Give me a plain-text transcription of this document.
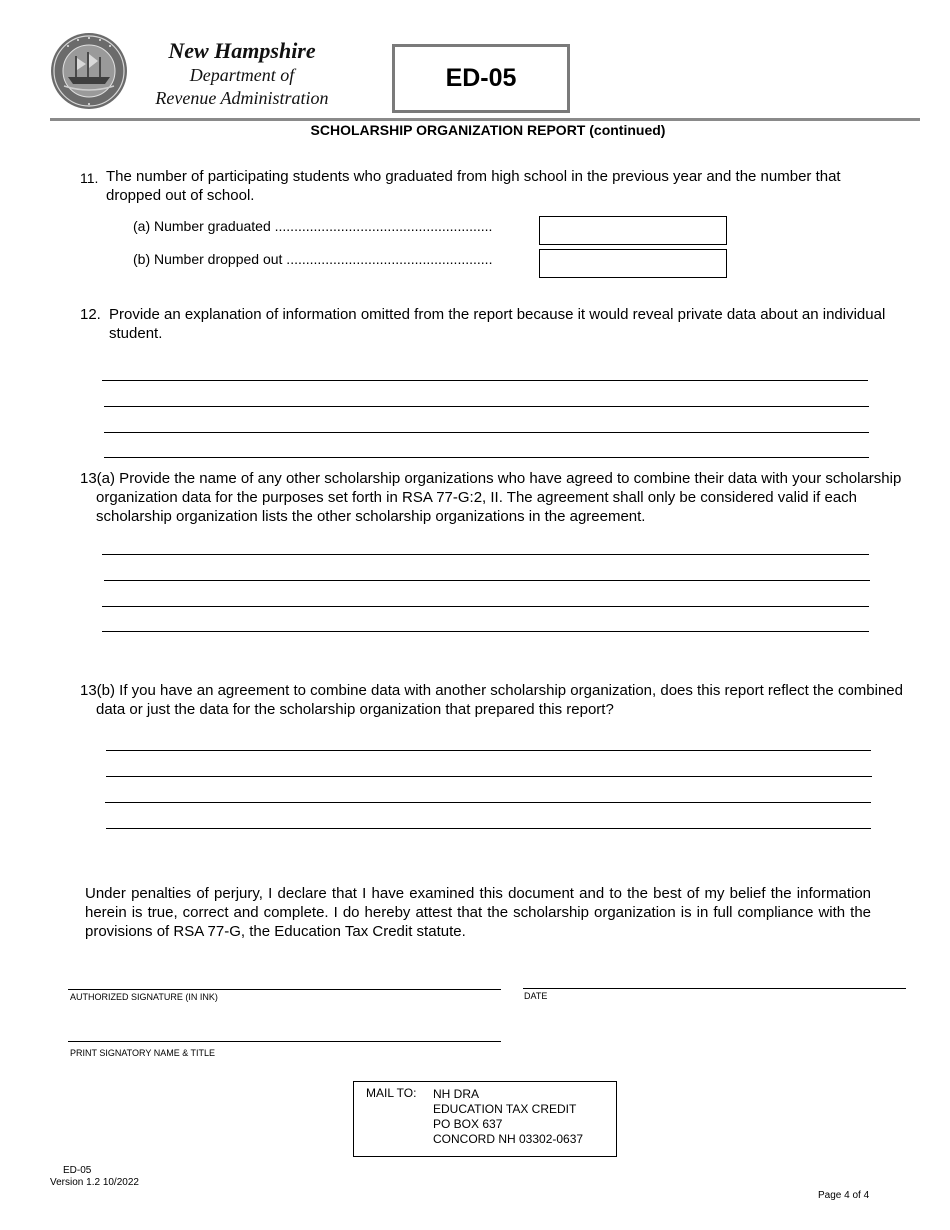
New Hampshire
Department of
Revenue Administration
ED-05
SCHOLARSHIP ORGANIZATION REPORT (continued)
11. The number of participating students who graduated from high school in the previous year and the number that dropped out of school.
(a) Number graduated ........................................................
(b) Number dropped out .....................................................
12. Provide an explanation of information omitted from the report because it would reveal private data about an individual student.
13(a) Provide the name of any other scholarship organizations who have agreed to combine their data with your scholarship organization data for the purposes set forth in RSA 77-G:2, II. The agreement shall only be considered valid if each scholarship organization lists the other scholarship organizations in the agreement.
13(b) If you have an agreement to combine data with another scholarship organization, does this report reflect the combined data or just the data for the scholarship organization that prepared this report?
Under penalties of perjury, I declare that I have examined this document and to the best of my belief the information herein is true, correct and complete. I do hereby attest that the scholarship organization is in full compliance with the provisions of RSA 77-G, the Education Tax Credit statute.
AUTHORIZED SIGNATURE (IN INK)	DATE
PRINT SIGNATORY NAME & TITLE
MAIL TO: NH DRA
EDUCATION TAX CREDIT
PO BOX 637
CONCORD NH 03302-0637
ED-05
Version 1.2 10/2022
Page 4 of 4
